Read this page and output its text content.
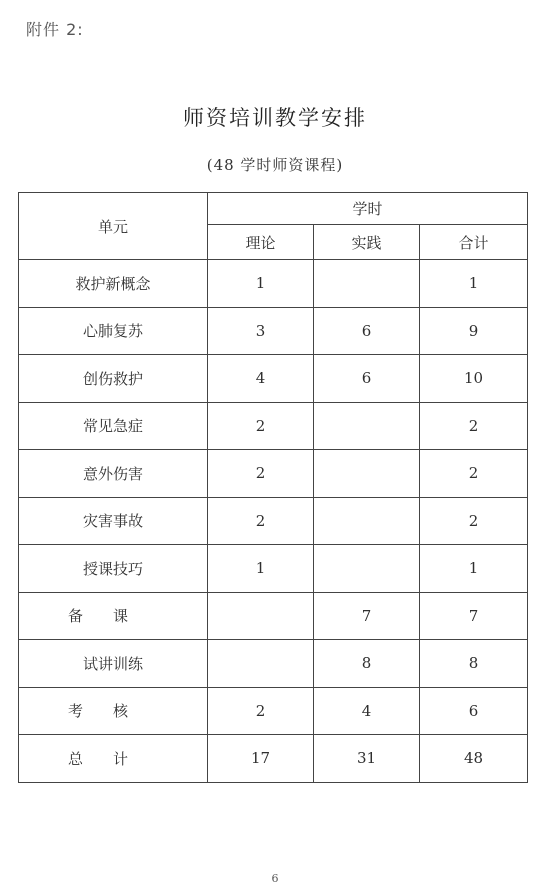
附件 2:
师资培训教学安排
(48 学时师资课程)
单元	学时		
	理论	实践	合计
救护新概念	1		1
心肺复苏	3	6	9
创伤救护	4	6	10
常见急症	2		2
意外伤害	2		2
灾害事故	2		2
授课技巧	1		1
备课		7	7
试讲训练		8	8
考核	2	4	6
总计	17	31	48
6
